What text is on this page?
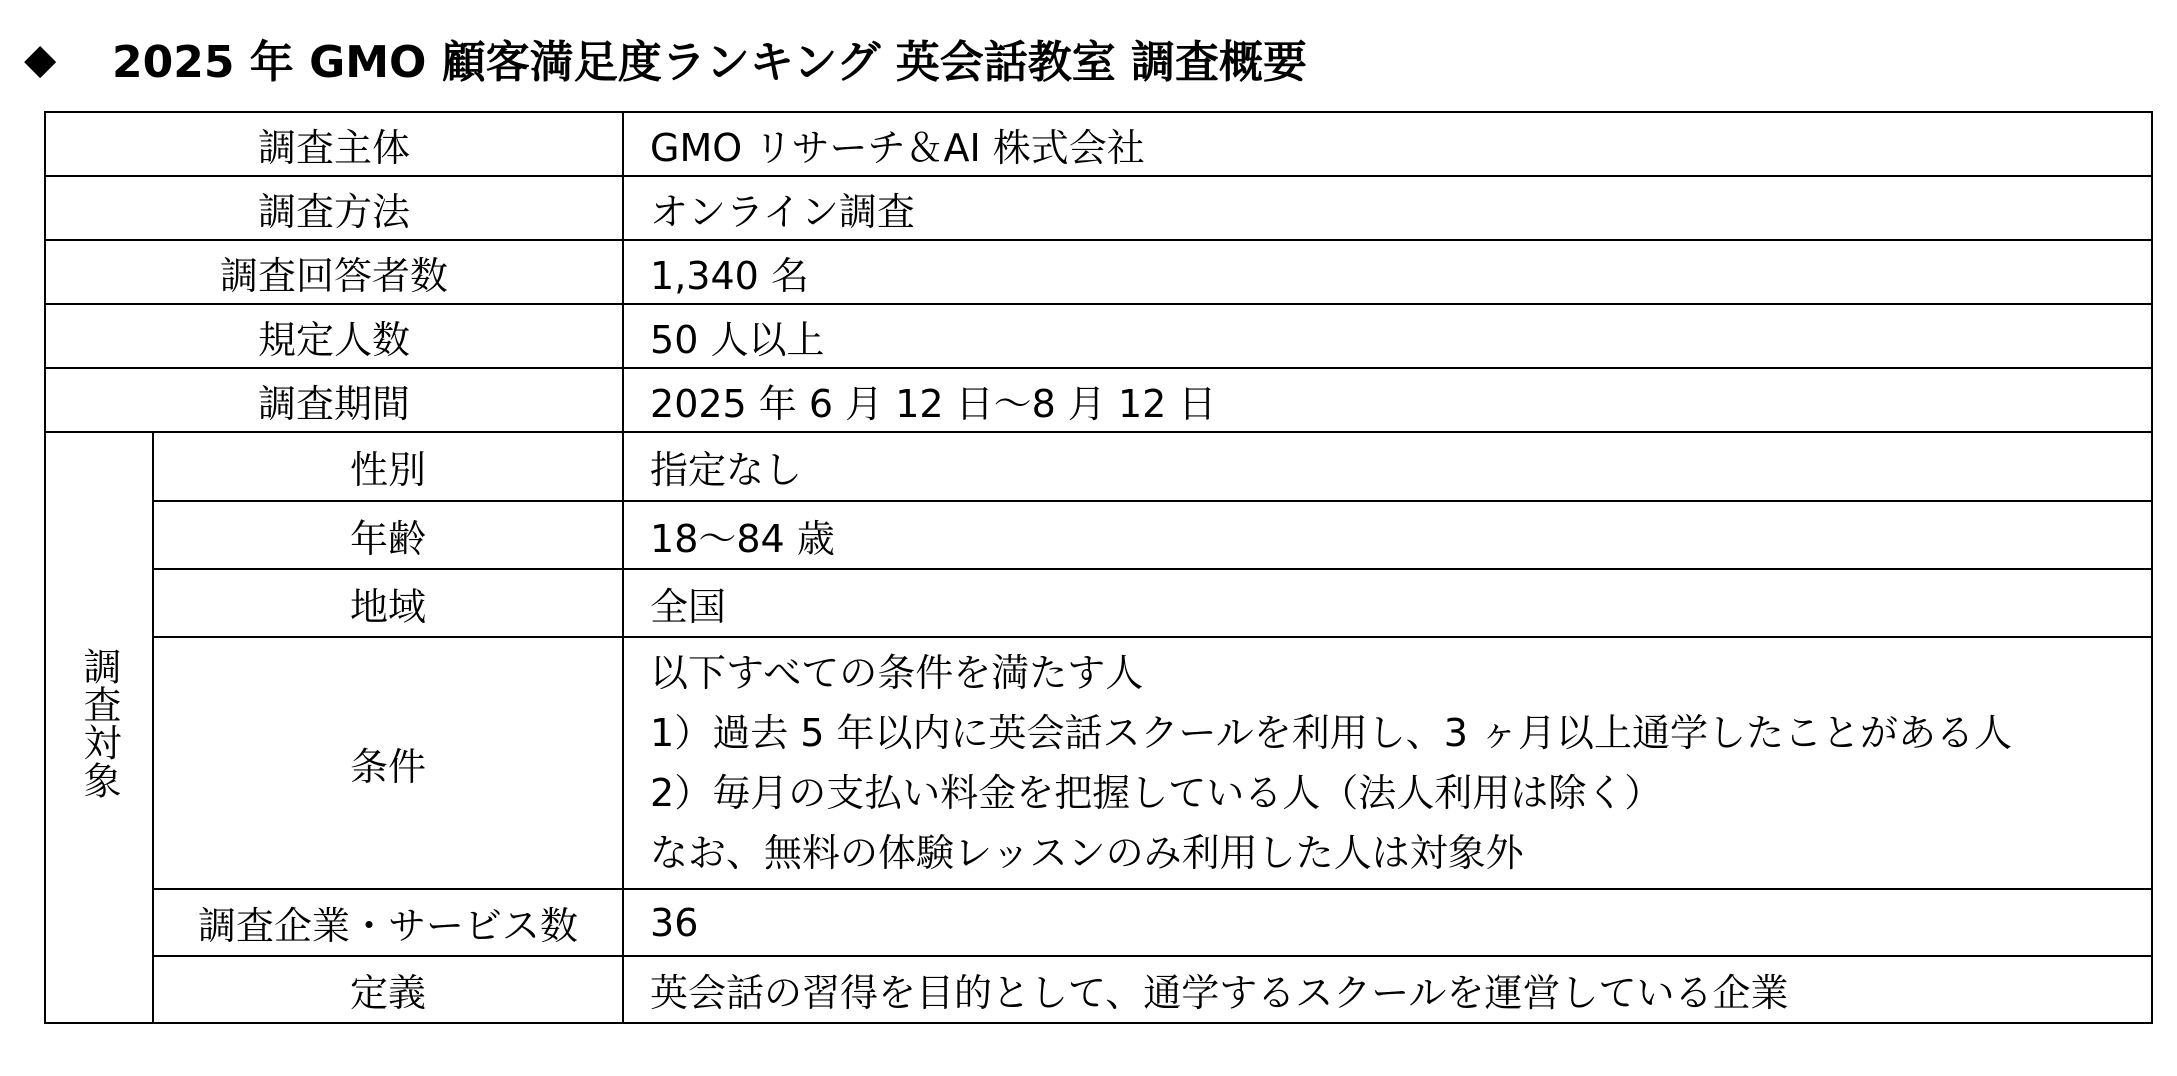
◆	2025 年 GMO 顧客満足度ランキング 英会話教室 調査概要
調査主体		GMO リサーチ＆AI 株式会社
調査方法		オンライン調査
調査回答者数		1,340 名
規定人数		50 人以上
調査期間		2025 年 6 月 12 日〜8 月 12 日
調査対象	性別	指定なし
	年齢	18〜84 歳
	地域	全国
	条件	以下すべての条件を満たす人
1）過去 5 年以内に英会話スクールを利用し、3 ヶ月以上通学したことがある人
2）毎月の支払い料金を把握している人（法人利用は除く）
なお、無料の体験レッスンのみ利用した人は対象外

	調査企業・サービス数	36
	定義	英会話の習得を目的として、通学するスクールを運営している企業
